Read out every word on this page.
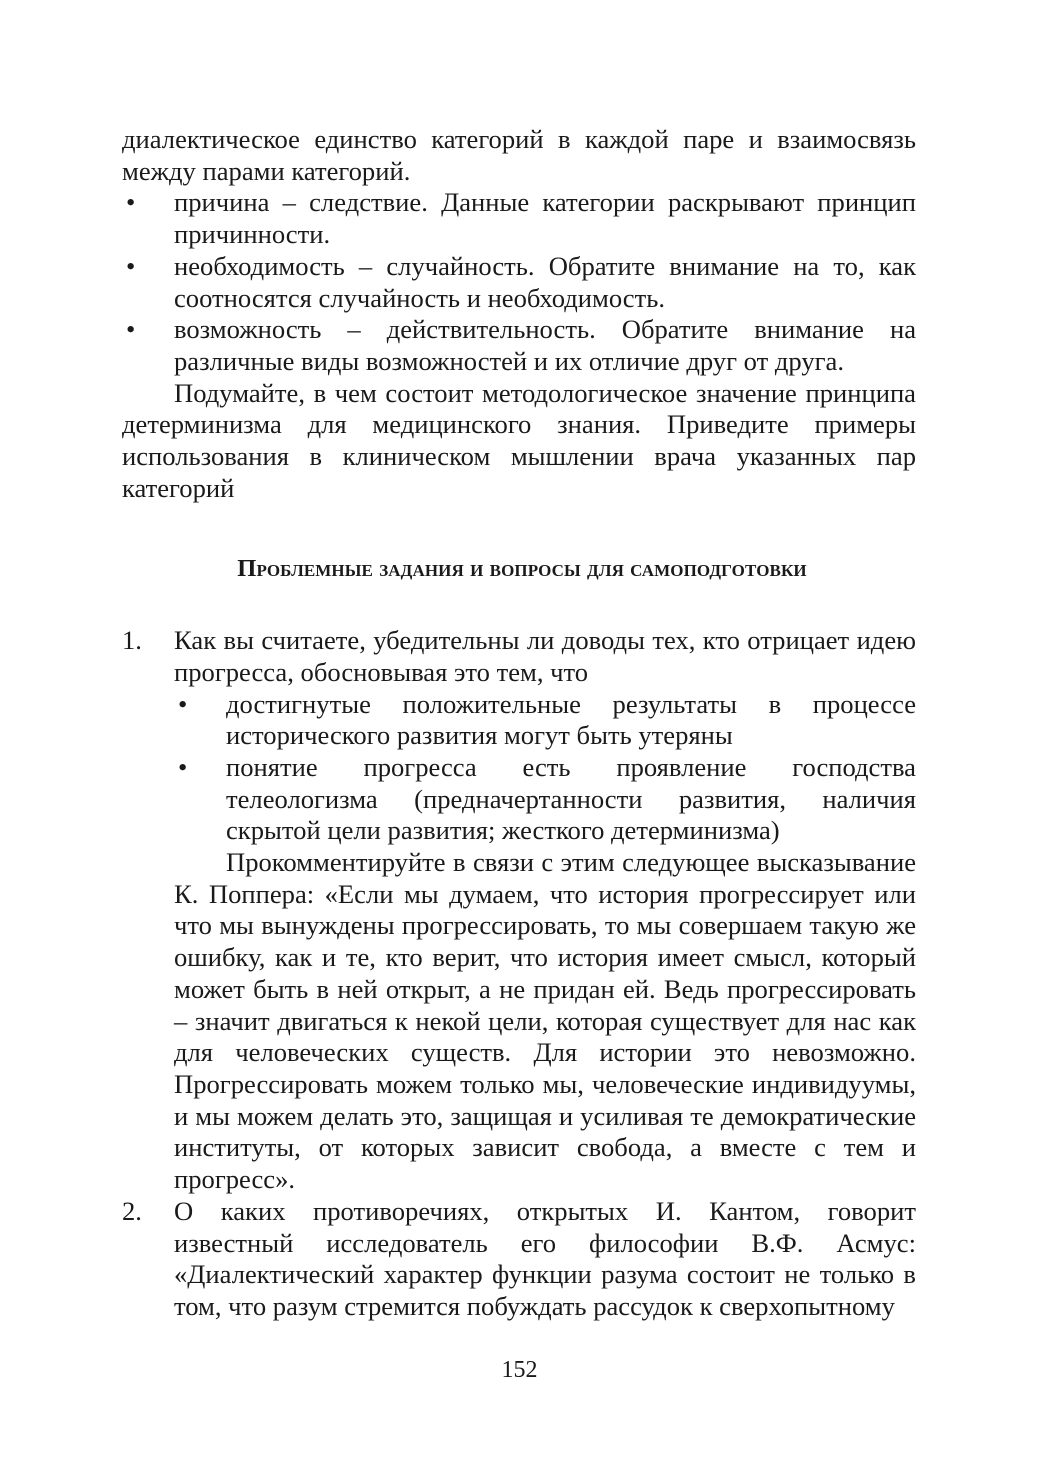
диалектическое единство категорий в каждой паре и взаимосвязь между парами категорий.

•	причина – следствие. Данные категории раскрывают принцип причинности.
•	необходимость – случайность. Обратите внимание на то, как соотносятся случайность и необходимость.
•	возможность – действительность. Обратите внимание на различные виды возможностей и их отличие друг от друга.

Подумайте, в чем состоит методологическое значение принципа детерминизма для медицинского знания. Приведите примеры использования в клиническом мышлении врача указанных пар категорий

Проблемные задания и вопросы для самоподготовки
1.	Как вы считаете, убедительны ли доводы тех, кто отрицает идею прогресса, обосновывая это тем, что

•	достигнутые положительные результаты в процессе исторического развития могут быть утеряны
•	понятие прогресса есть проявление господства телеологизма (предначертанности развития, наличия скрытой цели развития; жесткого детерминизма)

Прокомментируйте в связи с этим следующее высказывание К. Поппера: «Если мы думаем, что история прогрессирует или что мы вынуждены прогрессировать, то мы совершаем такую же ошибку, как и те, кто верит, что история имеет смысл, который может быть в ней открыт, а не придан ей. Ведь прогрессировать – значит двигаться к некой цели, которая существует для нас как для человеческих существ. Для истории это невозможно. Прогрессировать можем только мы, человеческие индивидуумы, и мы можем делать это, защищая и усиливая те демократические институты, от которых зависит свобода, а вместе с тем и прогресс».

2.	О каких противоречиях, открытых И. Кантом, говорит известный исследователь его философии В.Ф. Асмус: «Диалектический характер функции разума состоит не только в том, что разум стремится побуждать рассудок к сверхопытному

152
